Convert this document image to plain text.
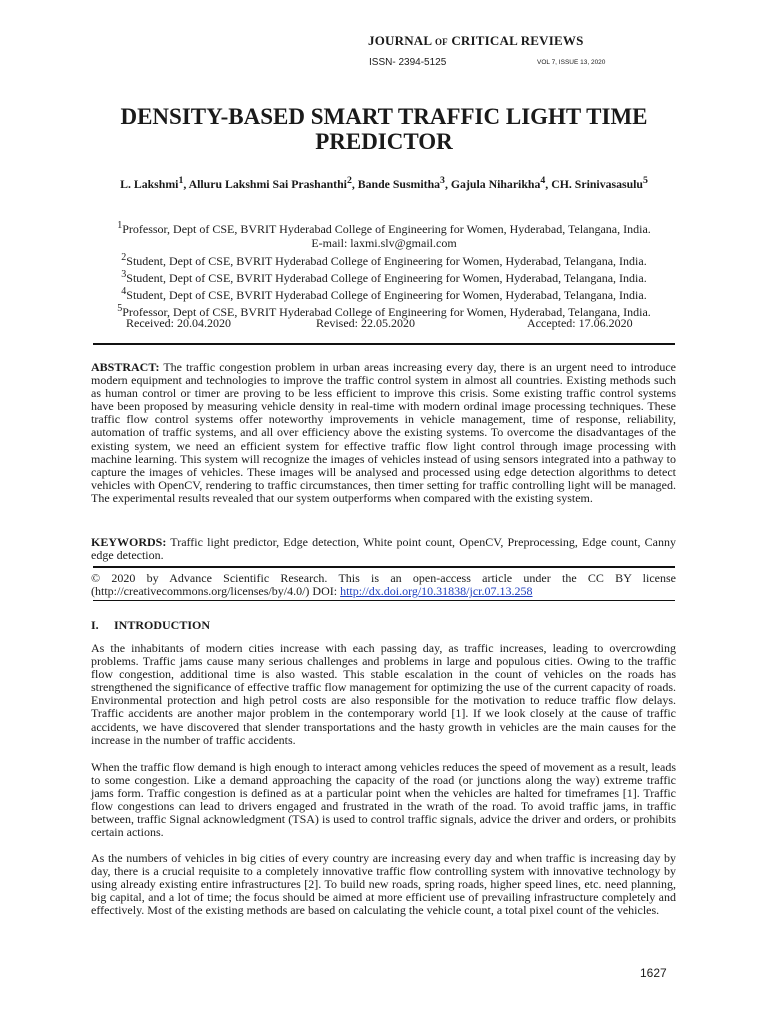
JOURNAL OF CRITICAL REVIEWS
ISSN- 2394-5125	VOL 7, ISSUE 13, 2020
DENSITY-BASED SMART TRAFFIC LIGHT TIME
PREDICTOR
L. Lakshmi$^1$, Alluru Lakshmi Sai Prashanthi$^2$, Bande Susmitha$^3$, Gajula Niharikha$^4$, CH. Srinivasasulu$^5$
$^1$Professor, Dept of CSE, BVRIT Hyderabad College of Engineering for Women, Hyderabad, Telangana, India.
E-mail: laxmi.slv@gmail.com
$^2$Student, Dept of CSE, BVRIT Hyderabad College of Engineering for Women, Hyderabad, Telangana, India.
$^3$Student, Dept of CSE, BVRIT Hyderabad College of Engineering for Women, Hyderabad, Telangana, India.
$^4$Student, Dept of CSE, BVRIT Hyderabad College of Engineering for Women, Hyderabad, Telangana, India.
$^5$Professor, Dept of CSE, BVRIT Hyderabad College of Engineering for Women, Hyderabad, Telangana, India.
Received: 20.04.2020	Revised: 22.05.2020	Accepted: 17.06.2020
ABSTRACT: The traffic congestion problem in urban areas increasing every day, there is an urgent need to introduce modern equipment and technologies to improve the traffic control system in almost all countries. Existing methods such as human control or timer are proving to be less efficient to improve this crisis. Some existing traffic control systems have been proposed by measuring vehicle density in real-time with modern ordinal image processing techniques. These traffic flow control systems offer noteworthy improvements in vehicle management, time of response, reliability, automation of traffic systems, and all over efficiency above the existing systems. To overcome the disadvantages of the existing system, we need an efficient system for effective traffic flow light control through image processing with machine learning. This system will recognize the images of vehicles instead of using sensors integrated into a pathway to capture the images of vehicles. These images will be analysed and processed using edge detection algorithms to detect vehicles with OpenCV, rendering to traffic circumstances, then timer setting for traffic controlling light will be managed. The experimental results revealed that our system outperforms when compared with the existing system.
KEYWORDS: Traffic light predictor, Edge detection, White point count, OpenCV, Preprocessing, Edge count, Canny edge detection.
© 2020 by Advance Scientific Research. This is an open-access article under the CC BY license (http://creativecommons.org/licenses/by/4.0/) DOI: http://dx.doi.org/10.31838/jcr.07.13.258
I. INTRODUCTION
As the inhabitants of modern cities increase with each passing day, as traffic increases, leading to overcrowding problems. Traffic jams cause many serious challenges and problems in large and populous cities. Owing to the traffic flow congestion, additional time is also wasted. This stable escalation in the count of vehicles on the roads has strengthened the significance of effective traffic flow management for optimizing the use of the current capacity of roads. Environmental protection and high petrol costs are also responsible for the motivation to reduce traffic flow delays. Traffic accidents are another major problem in the contemporary world [1]. If we look closely at the cause of traffic accidents, we have discovered that slender transportations and the hasty growth in vehicles are the main causes for the increase in the number of traffic accidents.
When the traffic flow demand is high enough to interact among vehicles reduces the speed of movement as a result, leads to some congestion. Like a demand approaching the capacity of the road (or junctions along the way) extreme traffic jams form. Traffic congestion is defined as at a particular point when the vehicles are halted for timeframes [1]. Traffic flow congestions can lead to drivers engaged and frustrated in the wrath of the road. To avoid traffic jams, in traffic between, traffic Signal acknowledgment (TSA) is used to control traffic signals, advice the driver and orders, or prohibits certain actions.
As the numbers of vehicles in big cities of every country are increasing every day and when traffic is increasing day by day, there is a crucial requisite to a completely innovative traffic flow controlling system with innovative technology by using already existing entire infrastructures [2]. To build new roads, spring roads, higher speed lines, etc. need planning, big capital, and a lot of time; the focus should be aimed at more efficient use of prevailing infrastructure completely and effectively. Most of the existing methods are based on calculating the vehicle count, a total pixel count of the vehicles.
1627
